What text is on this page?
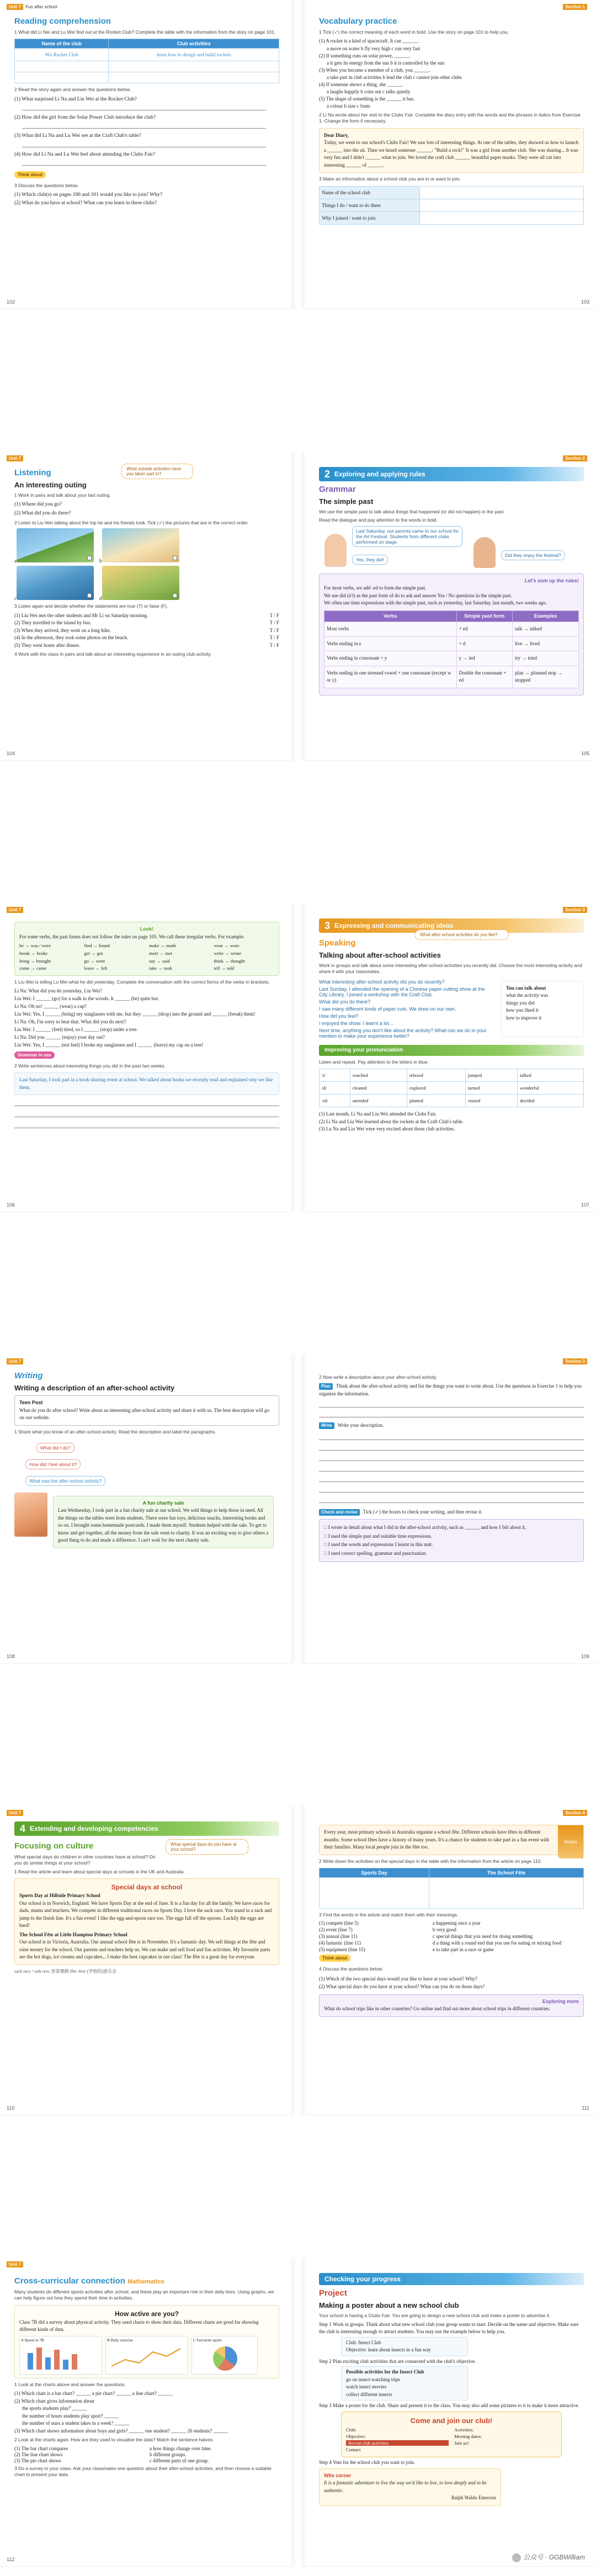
Unit 7 Fun after school
Reading comprehension

1 What did Li Nei and Lu Wei find out at the Rocket Club? Complete the table with the information from the story on page 101.

Name of the club	Club activities
Wu Rocket Club	learn how to design and build rockets

2 Read the story again and answer the questions below.

(1) What surprised Li Na and Lin Wei at the Rocket Club?
(2) How did the girl from the Solar Power Club introduce the club?
(3) What did Li Na and Lu Wei see at the Craft Club's table?
(4) How did Li Na and Lu Wei feel about attending the Clubs Fair?
Think about

3 Discuss the questions below.

(1) Which club(s) on pages 100 and 101 would you like to join? Why?
(2) What do you have at school? What can you learn in these clubs?
102
Section 1
Vocabulary practice

1 Tick (✓) the correct meaning of each word in bold. Use the story on page 101 to help you.

(1) A rocket is a kind of spacecraft. It can ______.
a move on water b fly very high c run very fast
(2) If something runs on solar power, ______.
a it gets its energy from the sun b it is controlled by the sun
(3) When you become a member of a club, you ______.
a take part in club activities b lead the club c cannot join other clubs
(4) If someone shows a thing, she ______.
a laughs happily b cries out c talks quietly
(5) The shape of something is the ______ it has.
a colour b size c form

2 Li Na wrote about her visit to the Clubs Fair. Complete the diary entry with the words and the phrases in italics from Exercise 1. Change the form if necessary.

Dear Diary,
Today, we went to our school's Clubs Fair! We saw lots of interesting things. At one of the tables, they showed us how to launch a ______ into the air. Then we heard someone ______: "Build a rock!" It was a girl from another club. She was sharing... It was very fun and I didn't ______ what to join. We loved the craft club ______ beautiful paper masks. They were all cut into interesting ______ of ______.

3 Make an information about a school club you are in or want to join.

Name of the school club	
Things I do / want to do there	
Why I joined / want to join	
103
Unit 7
Listening	What outside activities have you taken part in?
An interesting outing

1 Work in pairs and talk about your last outing.

(1) Where did you go?
(2) What did you do there?

2 Listen to Liu Wei talking about the trip he and his friends took. Tick (✓) the pictures that are in the correct order.

a	b
c	d

3 Listen again and decide whether the statements are true (T) or false (F).

(1) Liu Wei met the other students and Mr Li on Saturday morning.	T / F
(2) They travelled to the island by bus.	T / F
(3) When they arrived, they went on a long hike.	T / F
(4) In the afternoon, they took some photos on the beach.	T / F
(5) They went home after dinner.	T / F

4 Work with the class in pairs and talk about an interesting experience in an outing club activity.

104
Section 2
2 Exploring and applying rules
Grammar
The simple past

We use the simple past to talk about things that happened (or did not happen) in the past.

Read the dialogue and pay attention to the words in bold.

Last Saturday, our parents came to our school for the Art Festival. Students from different clubs performed on stage.
Yes, they did!
Did they enjoy the festival?
Let's sum up the rules!
For most verbs, we add -ed to form the simple past.
We use did (n't) as the past form of do to ask and answer Yes / No questions in the simple past.
We often use time expressions with the simple past, such as yesterday, last Saturday, last month, two weeks ago.
Verbs	Simple past form	Examples
Most verbs	+ ed	talk → talked
Verbs ending in e	+ d	live → lived
Verbs ending in consonant + y	y → ied	try → tried
Verbs ending in one stressed vowel + one consonant (except w or y)	Double the consonant + ed	plan → planned stop → stopped
105
Unit 7
Look!
For some verbs, the past forms does not follow the rules on page 105. We call these irregular verbs. For example:
be → was / were	find → found	make → made	wear → wore
break → broke	get → got	meet → met	write → wrote
bring → brought	go → went	say → said	think → thought
come → came	leave → left	take → took	tell → told

1 Liu Wei is telling Lu Mei what he did yesterday. Complete the conversation with the correct forms of the verbs in brackets.

Li Na: What did you do yesterday, Liu Wei?
Liu Wei: I ______ (go) for a walk in the woods. It ______ (be) quite hot.
Li Na: Oh no! ______ (wear) a cap?
Liu Wei: Yes, I ______ (bring) my sunglasses with me, but they ______ (drop) into the ground and ______ (break) them!
Li Na: Oh, I'm sorry to hear that. What did you do next?
Liu Wei: I ______ (feel) tired, so I ______ (stop) under a tree.
Li Na: Did you ______ (enjoy) your day out?
Liu Wei: Yes, I ______ (not feel) I broke my sunglasses and I ______ (leave) my cap on a tree!
Grammar in use

2 Write sentences about interesting things you did in the past two weeks.

Last Saturday, I took part in a book-sharing event at school. We talked about books we recently read and explained why we like them.
106
Section 3
3 Expressing and communicating ideas
Speaking
What after-school activities do you like?
Talking about after-school activities

Work in groups and talk about some interesting after-school activities you recently did. Choose the most interesting activity and share it with your classmates.

What interesting after-school activity did you do recently?
Last Sunday, I attended the opening of a Chinese paper-cutting show at the City Library. I joined a workshop with the Craft Club.
What did you do there?
I saw many different kinds of paper cuts. We drew on our own.
How did you feel?
I enjoyed the show. I learnt a lot...
Next time, anything you don't like about the activity? What can we do in your mention to make your experience better?
You can talk about
what the activity was
things you did
how you liked it
how to improve it
Improving your pronunciation

Listen and repeat. Pay attention to the letters in blue.

/t/	watched	relaxed	jumped	talked
/d/	cleaned	explored	turned	wonderful
/ɪd/	attended	planted	visited	decided
(1) Last month, Li Na and Liu Wei attended the Clubs Fair.
(2) Li Na and Liu Wei learned about the rockets at the Craft Club's table.
(3) Lu Na and Liu Wei were very excited about those club activities.
107
Unit 7
Writing
Writing a description of an after-school activity
Teen Post
What do you do after school? Write about an interesting after-school activity and share it with us. The best description will go on our website.

1 Share what you know of an after-school activity. Read the description and label the paragraphs.

What did I do?
How did I feel about it?
What was the after-school activity?
A fun charity sale
Last Wednesday, I took part in a fun charity sale at our school. We sold things to help those in need. All the things on the tables were from students. There were fun toys, delicious snacks, interesting books and so on. I brought some homemade postcards. I made them myself. Students helped with the sale. To get to know and get together, all the money from the sale went to charity. It was an exciting way to give others a good thing to do and made a difference. I can't wait for the next charity sale.
108
Section 3

2 Now write a description about your after-school activity.

Plan Think about the after-school activity and list the things you want to write about. Use the questions in Exercise 1 to help you organize the information.
Write Write your description.
Check and revise Tick (✓) the boxes to check your writing, and then revise it.
□ I wrote in detail about what I did in the after-school activity, such as ______ and how I felt about it.
□ I used the simple past and suitable time expressions.
□ I used the words and expressions I learnt in this unit.
□ I used correct spelling, grammar and punctuation.
109
Unit 7
4 Extending and developing competencies
Focusing on culture	What special days do you have at your school?

What special days do children in other countries have at school? Do you do similar things at your school?

1 Read the article and learn about special days at schools in the UK and Australia.

Special days at school
Sports Day at Hillside Primary School
Our school is in Norwich, England. We have Sports Day at the end of June. It is a fun day for all the family. We have races for dads, mums and teachers. We compete in different traditional races on Sports Day. I love the sack race. You stand in a sack and jump to the finish line. It's a fun event! I like the egg-and-spoon race too. The eggs fall off the spoons. Luckily the eggs are hard!
The School Fête at Little Hampton Primary School
Our school is in Victoria, Australia. Our annual school fête is in November. It's a fantastic day. We sell things at the fête and raise money for the school. Our parents and teachers help us. We can make and sell food and fun activities. My favourite parts are the hot dogs, ice creams and cupcakes... I make the best cupcakes in our class! The fête is a great day for everyone.
sack race /ˈsæk reɪs/ 套袋赛跑 fête /feɪt/ (学校的)游乐会
110
Section 4
Notes
Every year, most primary schools in Australia organise a school fête. Different schools have fêtes in different months. Some school fêtes have a history of many years. It's a chance for students to take part in a fun event with their families. Many local people join in the fête too.

2 Write down the activities on the special days in the table with the information from the article on page 110.

Sports Day	The School Fête

3 Find the words in the article and match them with their meanings.

(1) compete (line 5)	a happening once a year
(2) event (line 7)	b very good
(3) annual (line 11)	c special things that you need for doing something
(4) fantastic (line 11)	d a thing with a round end that you use for eating or mixing food
(5) equipment (line 15)	e to take part in a race or game
Think about

4 Discuss the questions below.

(1) Which of the two special days would you like to have at your school? Why?
(2) What special days do you have at your school? What can you do on those days?
Exploring more
What do school trips like in other countries? Go online and find out more about school trips in different countries.
111
Unit 7
Cross-curricular connection Mathematics

Many students do different sports activities after school, and these play an important role in their daily lives. Using graphs, we can help figure out how they spend their time in activities.

How active are you?
Class 7B did a survey about physical activity. They used charts to show their data. Different charts are good for showing different kinds of data.
A Sports in 7B	B Daily exercise	C Favourite sports

1 Look at the charts above and answer the questions.

(1) Which chart is a bar chart? ______ a pie chart? ______ a line chart? ______
(2) Which chart gives information about
the sports students play? ______
the number of hours students play sport? ______
the number of stars a student takes in a week? ______
(3) Which chart shows information about boys and girls? ______ one student? ______ 26 students? ______

2 Look at the charts again. How are they used to visualise the data? Match the sentence halves.

(1) The bar chart compares	a how things change over time.
(2) The line chart shows	b different groups.
(3) The pie chart shows	c different parts of one group.

3 Do a survey in your class. Ask your classmates one question about their after-school activities, and then choose a suitable chart to present your data.

112
Checking your progress
Project
Making a poster about a new school club

Your school is having a Clubs Fair. You are going to design a new school club and make a poster to advertise it.

Step 1 Work in groups. Think about what new school club your group wants to start. Decide on the name and objective. Make sure the club is interesting enough to attract students. You may use the example below to help you.
Club: Insect Club
Objective: learn about insects in a fun way
Step 2 Plan exciting club activities that are connected with the club's objective.
Possible activities for the Insect Club
go on insect-watching trips
watch insect movies
collect different insects
Step 3 Make a poster for the club. Share and present it to the class. You may also add some pictures to it to make it more attractive.
Come and join our club!
Club:	Activities:
Objective:	Meeting dates:
Recent club activities	Join us!
Contact
Step 4 Vote for the school club you want to join.
Wits corner
It is a fantastic adventure to live the way we'd like to live, to love deeply and to be authentic.
Ralph Waldo Emerson
公众号 · GGBWilliam
